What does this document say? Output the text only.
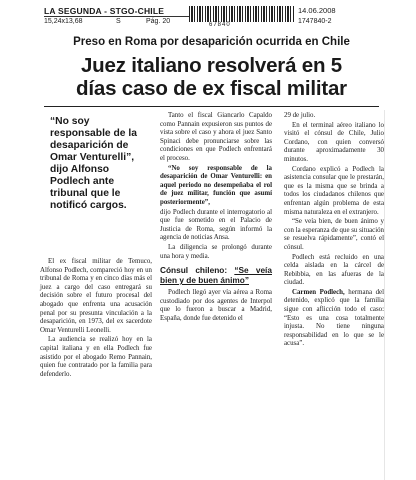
LA SEGUNDA - STGO-CHILE
15,24x13,68	S	Pág. 20	67840
14.06.2008
1747840-2
Preso en Roma por desaparición ocurrida en Chile
Juez italiano resolverá en 5
días caso de ex fiscal militar
“No soy responsable de la desaparición de Omar Venturelli”,
dijo Alfonso Podlech ante tribunal que le notificó cargos.

El ex fiscal militar de Temuco, Alfonso Podlech, compareció hoy en un tribunal de Roma y en cinco días más el juez a cargo del caso entregará su decisión sobre el futuro procesal del abogado que enfrenta una acusación penal por su presunta vinculación a la desaparición, en 1973, del ex sacerdote Omar Venturelli Leonelli.

La audiencia se realizó hoy en la capital italiana y en ella Podlech fue asistido por el abogado Remo Pannain, quien fue contratado por la familia para defenderlo.

Tanto el fiscal Giancarlo Capaldo como Pannain expusieron sus puntos de vista sobre el caso y ahora el juez Santo Spinaci debe pronunciarse sobre las condiciones en que Podlech enfrentará el proceso.

“No soy responsable de la desaparición de Omar Venturelli: en aquel periodo no desempeñaba el rol de juez militar, función que asumí posteriormente”,

dijo Podlech durante el interrogatorio al que fue sometido en el Palacio de Justicia de Roma, según informó la agencia de noticias Ansa.

La diligencia se prolongó durante una hora y media.

Cónsul chileno: “Se veía bien y de buen ánimo”

Podlech llegó ayer vía aérea a Roma custodiado por dos agentes de Interpol que lo fueron a buscar a Madrid, España, donde fue detenido el

29 de julio.

En el terminal aéreo italiano lo visitó el cónsul de Chile, Julio Cordano, con quien conversó durante aproximadamente 30 minutos.

Cordano explicó a Podlech la asistencia consular que le prestarán, que es la misma que se brinda a todos los ciudadanos chilenos que enfrentan algún problema de esta misma naturaleza en el extranjero.

“Se veía bien, de buen ánimo y con la esperanza de que su situación se resuelva rápidamente”, contó el cónsul.

Podlech está recluido en una celda aislada en la cárcel de Rebibbia, en las afueras de la ciudad.

Carmen Podlech, hermana del detenido, explicó que la familia sigue con aflicción todo el caso: “Esto es una cosa totalmente injusta. No tiene ninguna responsabilidad en lo que se le acusa”.
